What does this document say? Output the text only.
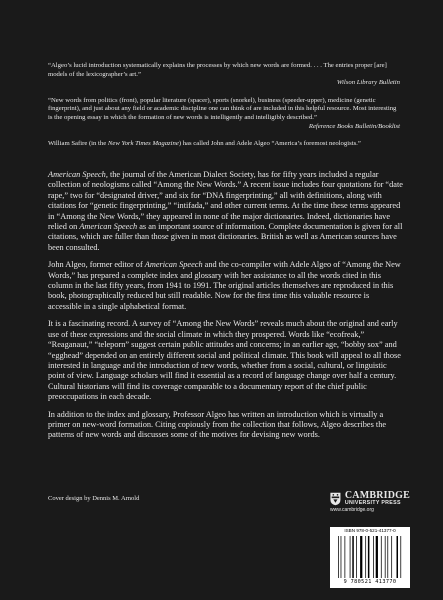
“Algeo’s lucid introduction systematically explains the processes by which new words are formed. . . . The entries proper [are] models of the lexicographer’s art.”

Wilson Library Bulletin

“New words from politics (front), popular literature (spacer), sports (snorkel), business (speeder-upper), medicine (genetic fingerprint), and just about any field or academic discipline one can think of are included in this helpful resource. Most interesting is the opening essay in which the formation of new words is intelligently and intelligibly described.”

Reference Books Bulletin/Booklist

William Safire (in the New York Times Magazine) has called John and Adele Algeo “America’s foremost neologists.”

American Speech, the journal of the American Dialect Society, has for fifty years included a regular collection of neologisms called “Among the New Words.” A recent issue includes four quotations for “date rape,” two for “designated driver,” and six for “DNA fingerprinting,” all with definitions, along with citations for “genetic fingerprinting,” “intifada,” and other current terms. At the time these terms appeared in “Among the New Words,” they appeared in none of the major dictionaries. Indeed, dictionaries have relied on American Speech as an important source of information. Complete documentation is given for all citations, which are fuller than those given in most dictionaries. British as well as American sources have been consulted.

John Algeo, former editor of American Speech and the co-compiler with Adele Algeo of “Among the New Words,” has prepared a complete index and glossary with her assistance to all the words cited in this column in the last fifty years, from 1941 to 1991. The original articles themselves are reproduced in this book, photographically reduced but still readable. Now for the first time this valuable resource is accessible in a single alphabetical format.

It is a fascinating record. A survey of “Among the New Words” reveals much about the original and early use of these expressions and the social climate in which they prospered. Words like “ecofreak,” “Reaganaut,” “teleporn” suggest certain public attitudes and concerns; in an earlier age, “bobby sox” and “egghead” depended on an entirely different social and political climate. This book will appeal to all those interested in language and the introduction of new words, whether from a social, cultural, or linguistic point of view. Language scholars will find it essential as a record of language change over half a century. Cultural historians will find its coverage comparable to a documentary report of the chief public preoccupations in each decade.

In addition to the index and glossary, Professor Algeo has written an introduction which is virtually a primer on new-word formation. Citing copiously from the collection that follows, Algeo describes the patterns of new words and discusses some of the motives for devising new words.

Cover design by Dennis M. Arnold	CAMBRIDGE
UNIVERSITY PRESS
www.cambridge.org
ISBN 978-0-521-41377-0
9 780521 413770
